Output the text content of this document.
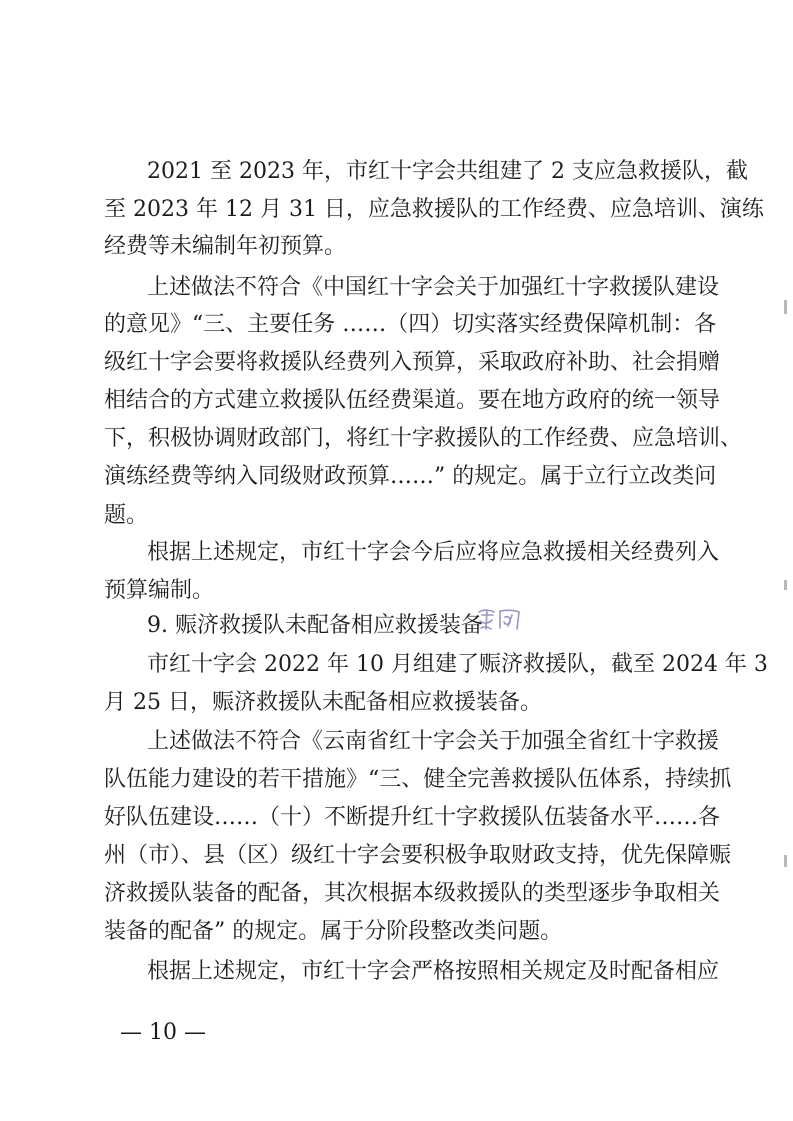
2021 至 2023 年，市红十字会共组建了 2 支应急救援队，截

至 2023 年 12 月 31 日，应急救援队的工作经费、应急培训、演练

经费等未编制年初预算。

上述做法不符合《中国红十字会关于加强红十字救援队建设

的意见》“三、主要任务 ……（四）切实落实经费保障机制：各

级红十字会要将救援队经费列入预算，采取政府补助、社会捐赠

相结合的方式建立救援队伍经费渠道。要在地方政府的统一领导

下，积极协调财政部门，将红十字救援队的工作经费、应急培训、

演练经费等纳入同级财政预算……” 的规定。属于立行立改类问

题。

根据上述规定，市红十字会今后应将应急救援相关经费列入

预算编制。

9. 赈济救援队未配备相应救援装备

市红十字会 2022 年 10 月组建了赈济救援队，截至 2024 年 3

月 25 日，赈济救援队未配备相应救援装备。

上述做法不符合《云南省红十字会关于加强全省红十字救援

队伍能力建设的若干措施》“三、健全完善救援队伍体系，持续抓

好队伍建设……（十）不断提升红十字救援队伍装备水平……各

州（市）、县（区）级红十字会要积极争取财政支持，优先保障赈

济救援队装备的配备，其次根据本级救援队的类型逐步争取相关

装备的配备” 的规定。属于分阶段整改类问题。

根据上述规定，市红十字会严格按照相关规定及时配备相应

— 10 —
